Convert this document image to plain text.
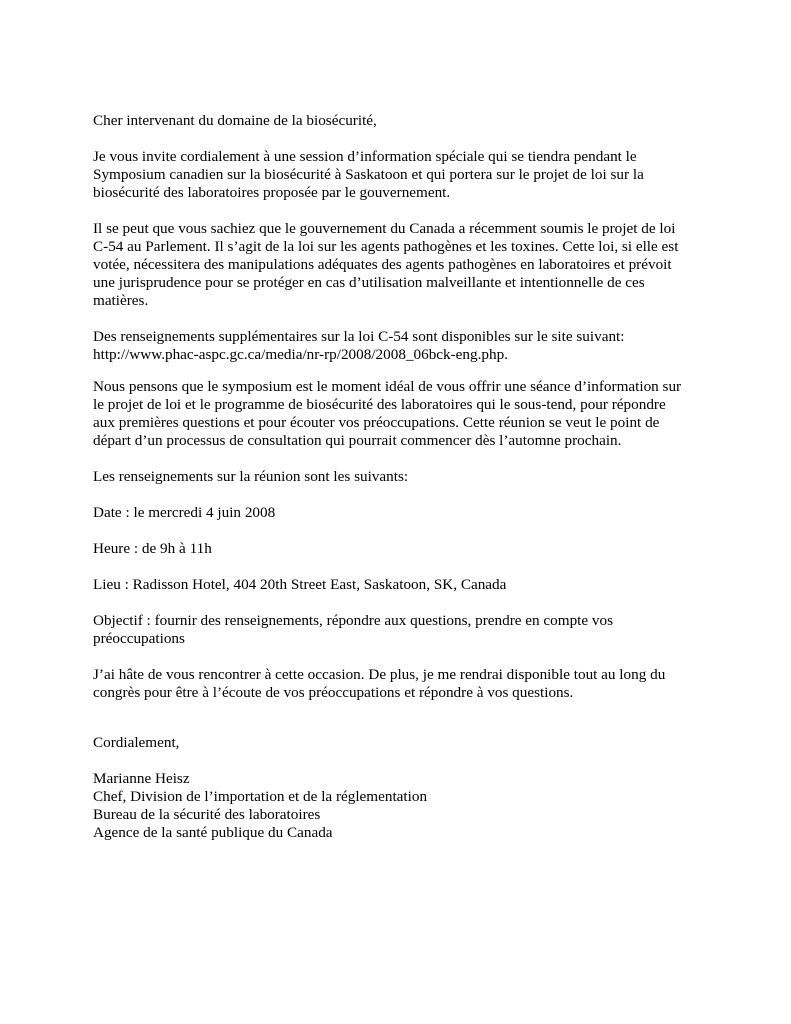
Cher intervenant du domaine de la biosécurité,

Je vous invite cordialement à une session d’information spéciale qui se tiendra pendant le
Symposium canadien sur la biosécurité à Saskatoon et qui portera sur le projet de loi sur la
biosécurité des laboratoires proposée par le gouvernement.

Il se peut que vous sachiez que le gouvernement du Canada a récemment soumis le projet de loi
C-54 au Parlement. Il s’agit de la loi sur les agents pathogènes et les toxines. Cette loi, si elle est
votée, nécessitera des manipulations adéquates des agents pathogènes en laboratoires et prévoit
une jurisprudence pour se protéger en cas d’utilisation malveillante et intentionnelle de ces
matières.

Des renseignements supplémentaires sur la loi C-54 sont disponibles sur le site suivant:
http://www.phac-aspc.gc.ca/media/nr-rp/2008/2008_06bck-eng.php.

Nous pensons que le symposium est le moment idéal de vous offrir une séance d’information sur
le projet de loi et le programme de biosécurité des laboratoires qui le sous-tend, pour répondre
aux premières questions et pour écouter vos préoccupations. Cette réunion se veut le point de
départ d’un processus de consultation qui pourrait commencer dès l’automne prochain.

Les renseignements sur la réunion sont les suivants:

Date : le mercredi 4 juin 2008

Heure : de 9h à 11h

Lieu : Radisson Hotel, 404 20th Street East, Saskatoon, SK, Canada

Objectif : fournir des renseignements, répondre aux questions, prendre en compte vos
préoccupations

J’ai hâte de vous rencontrer à cette occasion. De plus, je me rendrai disponible tout au long du
congrès pour être à l’écoute de vos préoccupations et répondre à vos questions.

Cordialement,

Marianne Heisz
Chef, Division de l’importation et de la réglementation
Bureau de la sécurité des laboratoires
Agence de la santé publique du Canada
